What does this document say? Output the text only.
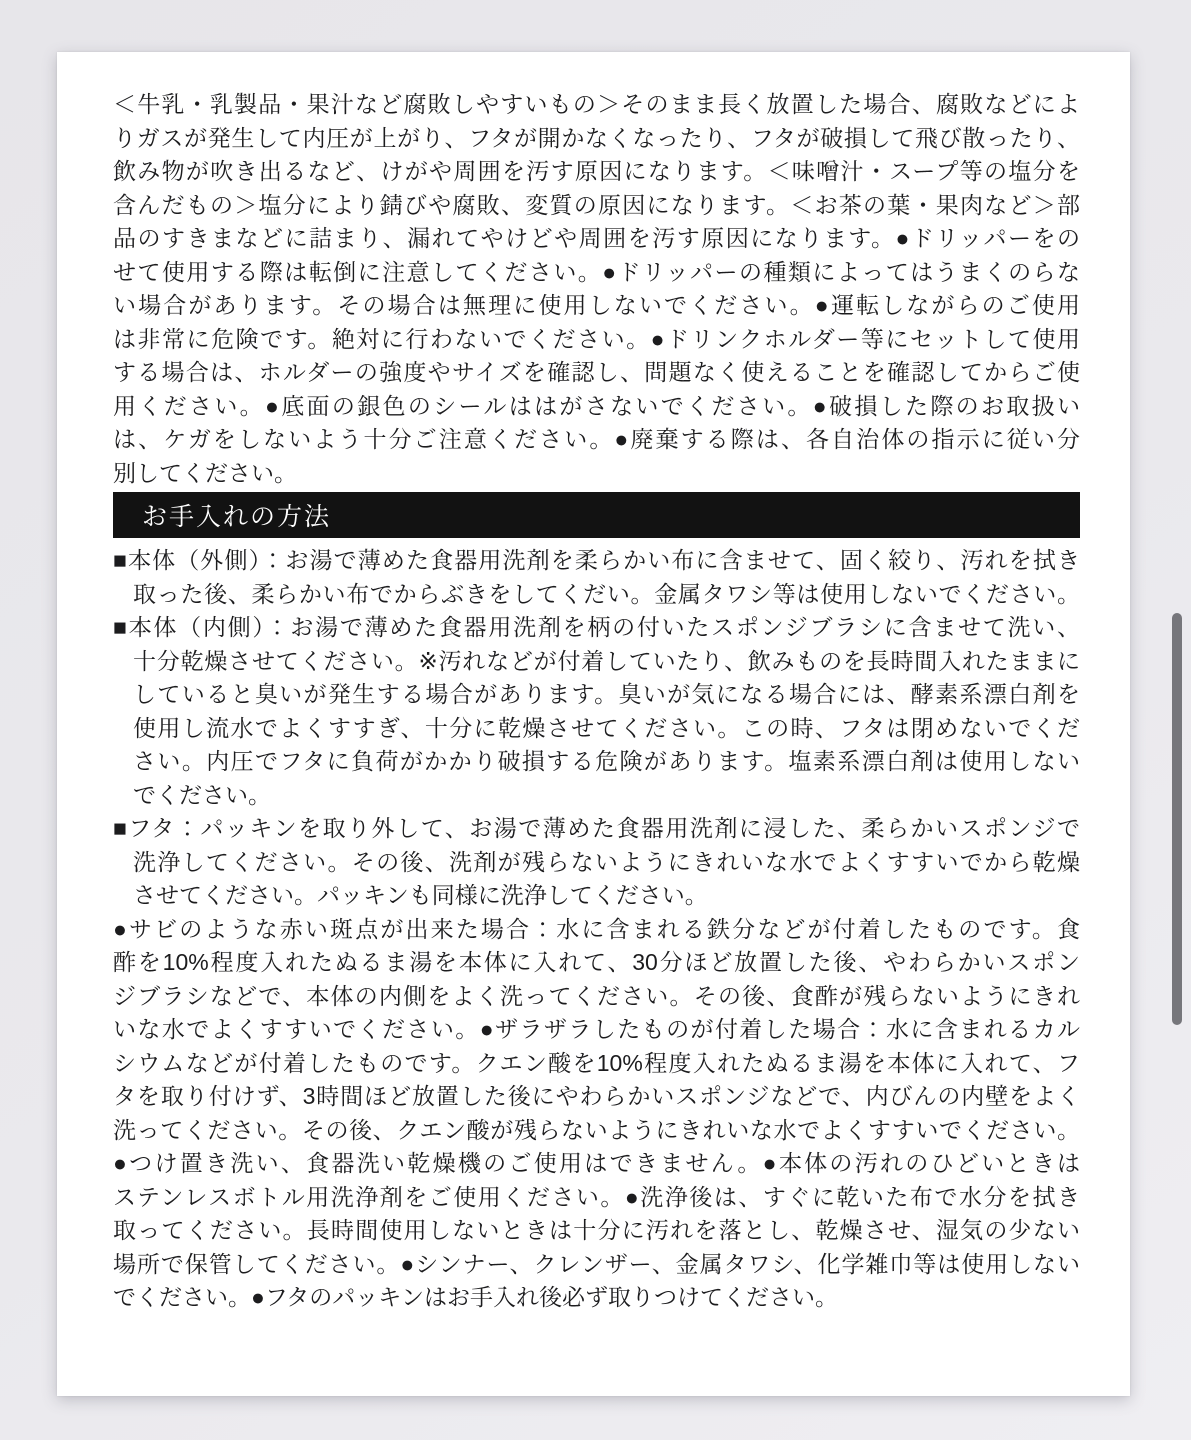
＜牛乳・乳製品・果汁など腐敗しやすいもの＞そのまま長く放置した場合、腐敗などによ
りガスが発生して内圧が上がり、フタが開かなくなったり、フタが破損して飛び散ったり、
飲み物が吹き出るなど、けがや周囲を汚す原因になります。＜味噌汁・スープ等の塩分を
含んだもの＞塩分により錆びや腐敗、変質の原因になります。＜お茶の葉・果肉など＞部
品のすきまなどに詰まり、漏れてやけどや周囲を汚す原因になります。●ドリッパーをの
せて使用する際は転倒に注意してください。●ドリッパーの種類によってはうまくのらな
い場合があります。その場合は無理に使用しないでください。●運転しながらのご使用
は非常に危険です。絶対に行わないでください。●ドリンクホルダー等にセットして使用
する場合は、ホルダーの強度やサイズを確認し、問題なく使えることを確認してからご使
用ください。●底面の銀色のシールははがさないでください。●破損した際のお取扱い
は、ケガをしないよう十分ご注意ください。●廃棄する際は、各自治体の指示に従い分
別してください。
お手入れの方法
■本体（外側）：お湯で薄めた食器用洗剤を柔らかい布に含ませて、固く絞り、汚れを拭き
取った後、柔らかい布でからぶきをしてくだい。金属タワシ等は使用しないでください。
■本体（内側）：お湯で薄めた食器用洗剤を柄の付いたスポンジブラシに含ませて洗い、
十分乾燥させてください。※汚れなどが付着していたり、飲みものを長時間入れたままに
していると臭いが発生する場合があります。臭いが気になる場合には、酵素系漂白剤を
使用し流水でよくすすぎ、十分に乾燥させてください。この時、フタは閉めないでくだ
さい。内圧でフタに負荷がかかり破損する危険があります。塩素系漂白剤は使用しない
でください。
■フタ：パッキンを取り外して、お湯で薄めた食器用洗剤に浸した、柔らかいスポンジで
洗浄してください。その後、洗剤が残らないようにきれいな水でよくすすいでから乾燥
させてください。パッキンも同様に洗浄してください。
●サビのような赤い斑点が出来た場合：水に含まれる鉄分などが付着したものです。食
酢を10%程度入れたぬるま湯を本体に入れて、30分ほど放置した後、やわらかいスポン
ジブラシなどで、本体の内側をよく洗ってください。その後、食酢が残らないようにきれ
いな水でよくすすいでください。●ザラザラしたものが付着した場合：水に含まれるカル
シウムなどが付着したものです。クエン酸を10%程度入れたぬるま湯を本体に入れて、フ
タを取り付けず、3時間ほど放置した後にやわらかいスポンジなどで、内びんの内壁をよく
洗ってください。その後、クエン酸が残らないようにきれいな水でよくすすいでください。
●つけ置き洗い、食器洗い乾燥機のご使用はできません。●本体の汚れのひどいときは
ステンレスボトル用洗浄剤をご使用ください。●洗浄後は、すぐに乾いた布で水分を拭き
取ってください。長時間使用しないときは十分に汚れを落とし、乾燥させ、湿気の少ない
場所で保管してください。●シンナー、クレンザー、金属タワシ、化学雑巾等は使用しない
でください。●フタのパッキンはお手入れ後必ず取りつけてください。
